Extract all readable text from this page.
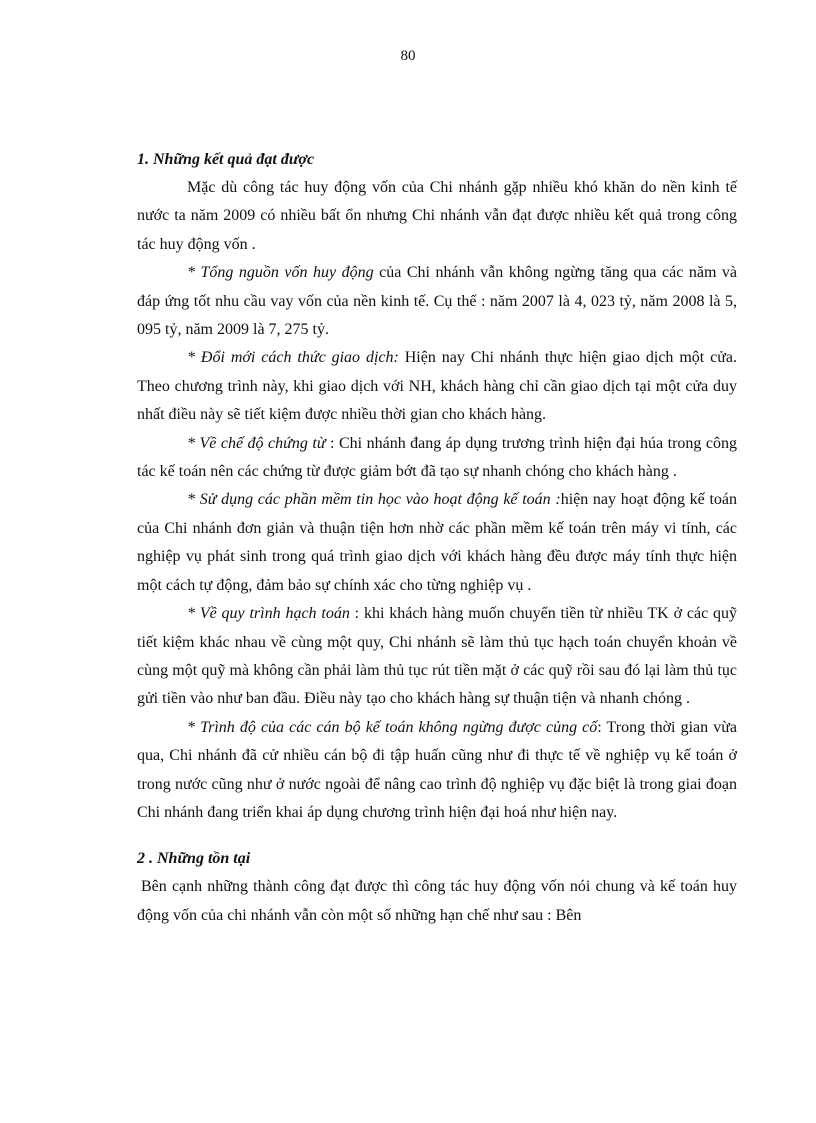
80
1. Những kết quả đạt được

Mặc dù công tác huy động vốn của Chi nhánh gặp nhiều khó khăn do nền kinh tế nước ta năm 2009 có nhiều bất ổn nhưng Chi nhánh vẫn đạt được nhiều kết quả trong công tác huy động vốn .

* Tổng nguồn vốn huy động của Chi nhánh vẫn không ngừng tăng qua các năm và đáp ứng tốt nhu cầu vay vốn của nền kinh tế. Cụ thể : năm 2007 là 4, 023 tỷ, năm 2008 là 5, 095 tỷ, năm 2009 là 7, 275 tỷ.

* Đổi mới cách thức giao dịch: Hiện nay Chi nhánh thực hiện giao dịch một cửa. Theo chương trình này, khi giao dịch với NH, khách hàng chỉ cần giao dịch tại một cửa duy nhất điều này sẽ tiết kiệm được nhiều thời gian cho khách hàng.

* Về chế độ chứng từ : Chi nhánh đang áp dụng trương trình hiện đại húa trong công tác kế toán nên các chứng từ được giảm bớt đã tạo sự nhanh chóng cho khách hàng .

* Sử dụng các phần mềm tin học vào hoạt động kế toán :hiện nay hoạt động kế toán của Chi nhánh đơn giản và thuận tiện hơn nhờ các phần mềm kế toán trên máy vi tính, các nghiệp vụ phát sinh trong quá trình giao dịch với khách hàng đều được máy tính thực hiện một cách tự động, đảm bảo sự chính xác cho từng nghiệp vụ .

* Về quy trình hạch toán : khi khách hàng muốn chuyển tiền từ nhiều TK ở các quỹ tiết kiệm khác nhau về cùng một quy, Chi nhánh sẽ làm thủ tục hạch toán chuyển khoản về cùng một quỹ mà không cần phải làm thủ tục rút tiền mặt ở các quỹ rồi sau đó lại làm thủ tục gửi tiền vào như ban đầu. Điều này tạo cho khách hàng sự thuận tiện và nhanh chóng .

* Trình độ của các cán bộ kế toán không ngừng được củng cố: Trong thời gian vừa qua, Chi nhánh đã cử nhiều cán bộ đi tập huấn cũng như đi thực tế về nghiệp vụ kế toán ở trong nước cũng như ở nước ngoài để nâng cao trình độ nghiệp vụ đặc biệt là trong giai đoạn Chi nhánh đang triển khai áp dụng chương trình hiện đại hoá như hiện nay.

2 . Những tồn tại

Bên cạnh những thành công đạt được thì công tác huy động vốn nói chung và kế toán huy động vốn của chi nhánh vẫn còn một số những hạn chế như sau : Bên
